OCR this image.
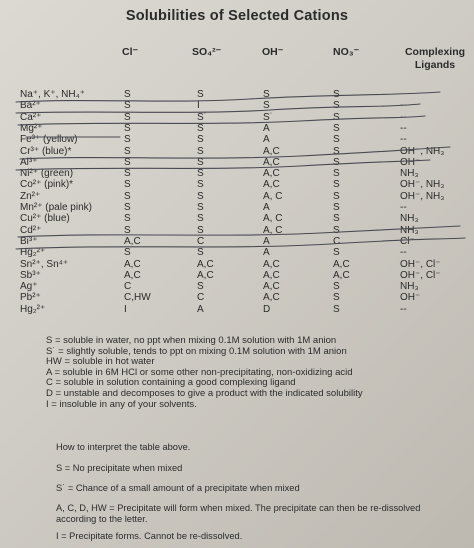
Solubilities of Selected Cations
Cl⁻	SO₄²⁻	OH⁻	NO₃⁻	Complexing
Ligands
Na⁺, K⁺, NH₄⁺	S	S	S	S
Ba²⁺	S	I	S	S	--
Ca²⁺	S	S˙	S˙	S	--
Mg²⁺	S	S	A	S	--
Fe³⁺ (yellow)	S	S	A	S	--
Cr³⁺ (blue)*	S	S	A,C	S	OH⁻, NH₃
Al³⁺	S	S	A,C	S	OH⁻
Ni²⁺ (green)	S	S	A,C	S	NH₃
Co²⁺ (pink)*	S	S	A,C	S	OH⁻, NH₃
Zn²⁺	S	S	A, C	S	OH⁻, NH₃
Mn²⁺ (pale pink)	S	S	A	S	--
Cu²⁺ (blue)	S	S	A, C	S	NH₃
Cd²⁺	S	S	A, C	S	NH₃
Bi³⁺	A,C	C	A	C	Cl⁻
Hg₂²⁺	S	S	A	S	--
Sn²⁺, Sn⁴⁺	A,C	A,C	A,C	A,C	OH⁻, Cl⁻
Sb³⁺	A,C	A,C	A,C	A,C	OH⁻, Cl⁻
Ag⁺	C	S	A,C	S	NH₃
Pb²⁺	C,HW	C	A,C	S	OH⁻
Hg₂²⁺	I	A	D	S	--
S = soluble in water, no ppt when mixing 0.1M solution with 1M anion
S˙ = slightly soluble, tends to ppt on mixing 0.1M solution with 1M anion
HW = soluble in hot water
A = soluble in 6M HCl or some other non-precipitating, non-oxidizing acid
C = soluble in solution containing a good complexing ligand
D = unstable and decomposes to give a product with the indicated solubility
I = insoluble in any of your solvents.
How to interpret the table above.
S = No precipitate when mixed
S˙ = Chance of a small amount of a precipitate when mixed
A, C, D, HW = Precipitate will form when mixed. The precipitate can then be re-dissolved
according to the letter.
I = Precipitate forms. Cannot be re-dissolved.
